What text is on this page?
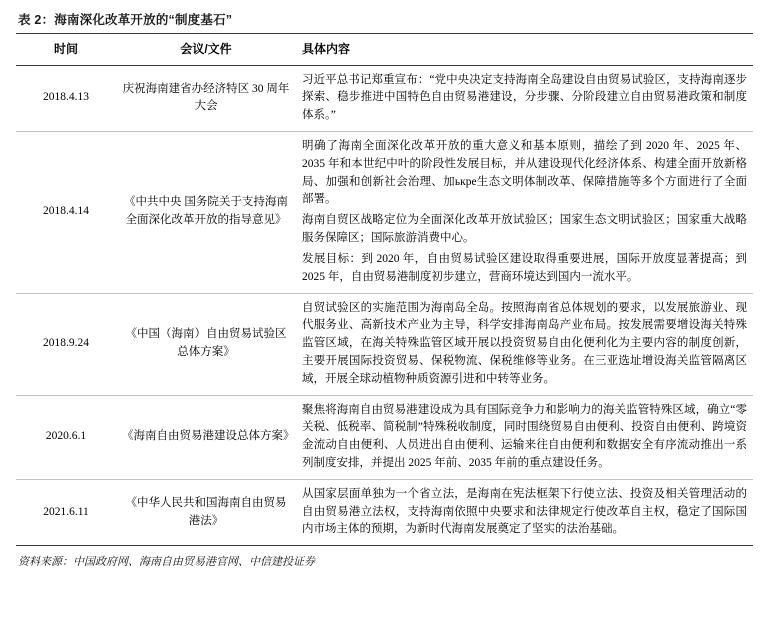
表 2：海南深化改革开放的“制度基石”
时间	会议/文件	具体内容
2018.4.13	庆祝海南建省办经济特区 30 周年大会	习近平总书记郑重宣布：“党中央决定支持海南全岛建设自由贸易试验区，支持海南逐步探索、稳步推进中国特色自由贸易港建设，分步骤、分阶段建立自由贸易港政策和制度体系。”

2018.4.14	《中共中央 国务院关于支持海南全面深化改革开放的指导意见》	明确了海南全面深化改革开放的重大意义和基本原则，描绘了到 2020 年、2025 年、2035 年和本世纪中叶的阶段性发展目标，并从建设现代化经济体系、构建全面开放新格局、加强和创新社会治理、加ькре生态文明体制改革、保障措施等多个方面进行了全面部署。

海南自贸区战略定位为全面深化改革开放试验区；国家生态文明试验区；国家重大战略服务保障区；国际旅游消费中心。

发展目标：到 2020 年，自由贸易试验区建设取得重要进展，国际开放度显著提高；到 2025 年，自由贸易港制度初步建立，营商环境达到国内一流水平。

2018.9.24	《中国（海南）自由贸易试验区总体方案》	自贸试验区的实施范围为海南岛全岛。按照海南省总体规划的要求，以发展旅游业、现代服务业、高新技术产业为主导，科学安排海南岛产业布局。按发展需要增设海关特殊监管区域，在海关特殊监管区域开展以投资贸易自由化便利化为主要内容的制度创新，主要开展国际投资贸易、保税物流、保税维修等业务。在三亚选址增设海关监管隔离区域，开展全球动植物种质资源引进和中转等业务。

2020.6.1	《海南自由贸易港建设总体方案》	聚焦将海南自由贸易港建设成为具有国际竞争力和影响力的海关监管特殊区域，确立“零关税、低税率、简税制”特殊税收制度，同时围绕贸易自由便利、投资自由便利、跨境资金流动自由便利、人员进出自由便利、运输来往自由便利和数据安全有序流动推出一系列制度安排，并提出 2025 年前、2035 年前的重点建设任务。

2021.6.11	《中华人民共和国海南自由贸易港法》	从国家层面单独为一个省立法，是海南在宪法框架下行使立法、投资及相关管理活动的自由贸易港立法权，支持海南依照中央要求和法律规定行使改革自主权，稳定了国际国内市场主体的预期，为新时代海南发展奠定了坚实的法治基础。

资料来源：中国政府网、海南自由贸易港官网、中信建投证券
